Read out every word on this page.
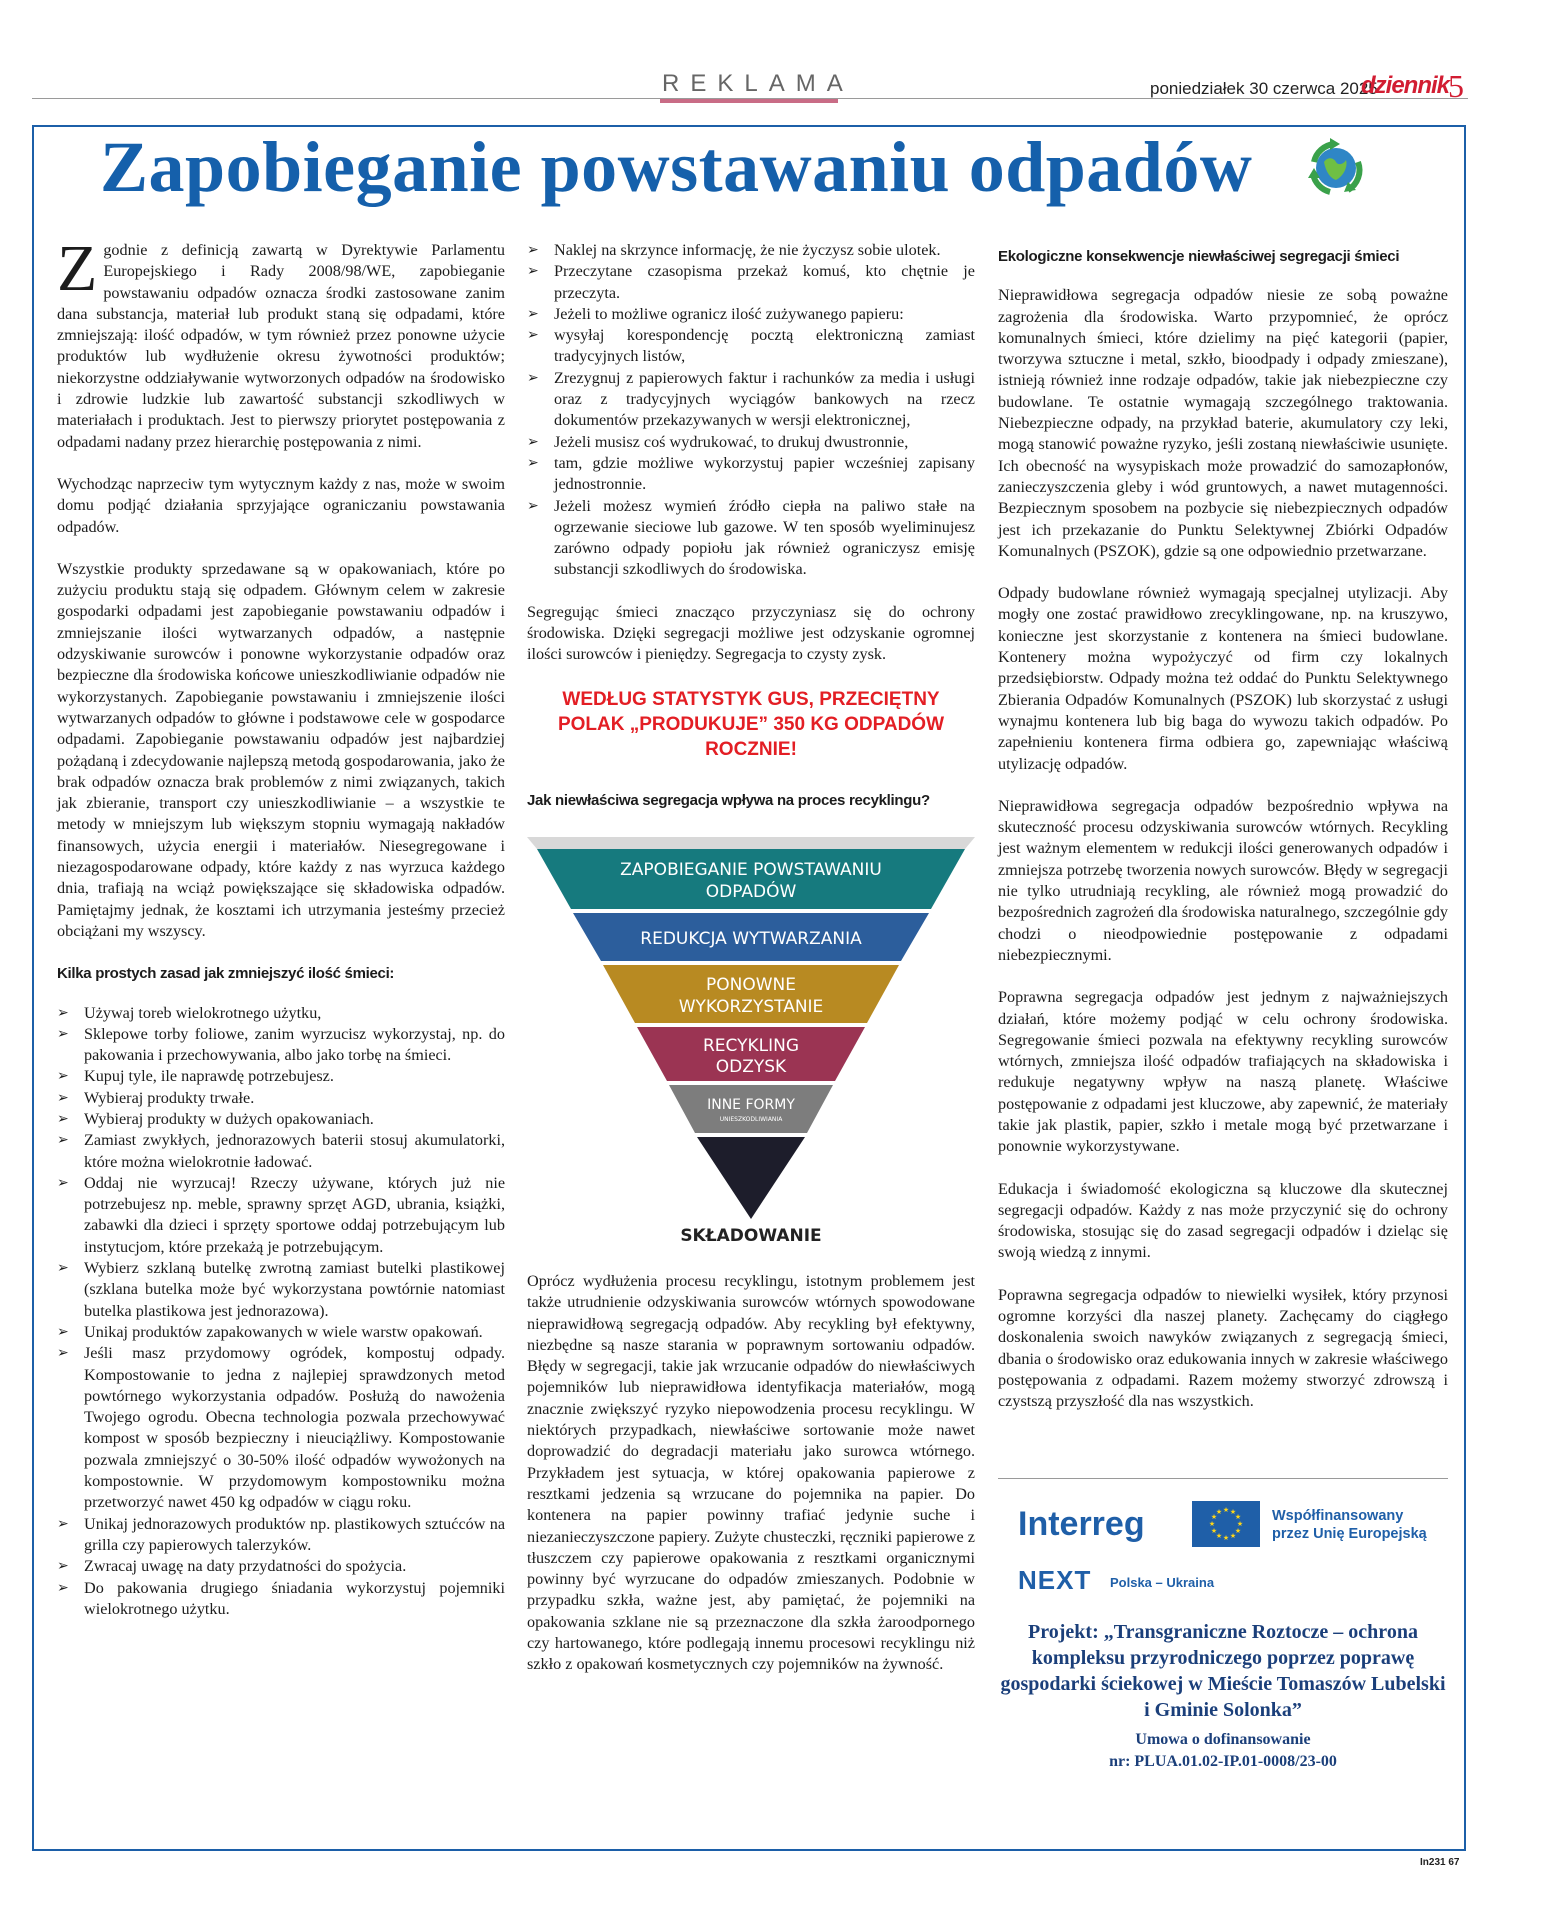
REKLAMA	poniedziałek 30 czerwca 2025
dziennik
5
Zapobieganie powstawaniu odpadów

Zgodnie z definicją zawartą w Dyrektywie Parlamentu Europejskiego i Rady 2008/98/WE, zapobieganie powstawaniu odpadów oznacza środki zastosowane zanim dana substancja, materiał lub produkt staną się odpadami, które zmniejszają: ilość odpadów, w tym również przez ponowne użycie produktów lub wydłużenie okresu żywotności produktów; niekorzystne oddziaływanie wytworzonych odpadów na środowisko i zdrowie ludzkie lub zawartość substancji szkodliwych w materiałach i produktach. Jest to pierwszy priorytet postępowania z odpadami nadany przez hierarchię postępowania z nimi.

Wychodząc naprzeciw tym wytycznym każdy z nas, może w swoim domu podjąć działania sprzyjające ograniczaniu powstawania odpadów.

Wszystkie produkty sprzedawane są w opakowaniach, które po zużyciu produktu stają się odpadem. Głównym celem w zakresie gospodarki odpadami jest zapobieganie powstawaniu odpadów i zmniejszanie ilości wytwarzanych odpadów, a następnie odzyskiwanie surowców i ponowne wykorzystanie odpadów oraz bezpieczne dla środowiska końcowe unieszkodliwianie odpadów nie wykorzystanych. Zapobieganie powstawaniu i zmniejszenie ilości wytwarzanych odpadów to główne i podstawowe cele w gospodarce odpadami. Zapobieganie powstawaniu odpadów jest najbardziej pożądaną i zdecydowanie najlepszą metodą gospodarowania, jako że brak odpadów oznacza brak problemów z nimi związanych, takich jak zbieranie, transport czy unieszkodliwianie – a wszystkie te metody w mniejszym lub większym stopniu wymagają nakładów finansowych, użycia energii i materiałów. Niesegregowane i niezagospodarowane odpady, które każdy z nas wyrzuca każdego dnia, trafiają na wciąż powiększające się składowiska odpadów. Pamiętajmy jednak, że kosztami ich utrzymania jesteśmy przecież obciążani my wszyscy.

Kilka prostych zasad jak zmniejszyć ilość śmieci:
➢ Używaj toreb wielokrotnego użytku,
➢ Sklepowe torby foliowe, zanim wyrzucisz wykorzystaj, np. do pakowania i przechowywania, albo jako torbę na śmieci.
➢ Kupuj tyle, ile naprawdę potrzebujesz.
➢ Wybieraj produkty trwałe.
➢ Wybieraj produkty w dużych opakowaniach.
➢ Zamiast zwykłych, jednorazowych baterii stosuj akumulatorki, które można wielokrotnie ładować.
➢ Oddaj nie wyrzucaj! Rzeczy używane, których już nie potrzebujesz np. meble, sprawny sprzęt AGD, ubrania, książki, zabawki dla dzieci i sprzęty sportowe oddaj potrzebującym lub instytucjom, które przekażą je potrzebującym.
➢ Wybierz szklaną butelkę zwrotną zamiast butelki plastikowej (szklana butelka może być wykorzystana powtórnie natomiast butelka plastikowa jest jednorazowa).
➢ Unikaj produktów zapakowanych w wiele warstw opakowań.
➢ Jeśli masz przydomowy ogródek, kompostuj odpady. Kompostowanie to jedna z najlepiej sprawdzonych metod powtórnego wykorzystania odpadów. Posłużą do nawożenia Twojego ogrodu. Obecna technologia pozwala przechowywać kompost w sposób bezpieczny i nieuciążliwy. Kompostowanie pozwala zmniejszyć o 30-50% ilość odpadów wywożonych na kompostownie. W przydomowym kompostowniku można przetworzyć nawet 450 kg odpadów w ciągu roku.
➢ Unikaj jednorazowych produktów np. plastikowych sztućców na grilla czy papierowych talerzyków.
➢ Zwracaj uwagę na daty przydatności do spożycia.
➢ Do pakowania drugiego śniadania wykorzystuj pojemniki wielokrotnego użytku.
➢ Naklej na skrzynce informację, że nie życzysz sobie ulotek.
➢ Przeczytane czasopisma przekaż komuś, kto chętnie je przeczyta.
➢ Jeżeli to możliwe ogranicz ilość zużywanego papieru:
➢ wysyłaj korespondencję pocztą elektroniczną zamiast tradycyjnych listów,
➢ Zrezygnuj z papierowych faktur i rachunków za media i usługi oraz z tradycyjnych wyciągów bankowych na rzecz dokumentów przekazywanych w wersji elektronicznej,
➢ Jeżeli musisz coś wydrukować, to drukuj dwustronnie,
➢ tam, gdzie możliwe wykorzystuj papier wcześniej zapisany jednostronnie.
➢ Jeżeli możesz wymień źródło ciepła na paliwo stałe na ogrzewanie sieciowe lub gazowe. W ten sposób wyeliminujesz zarówno odpady popiołu jak również ograniczysz emisję substancji szkodliwych do środowiska.

Segregując śmieci znacząco przyczyniasz się do ochrony środowiska. Dzięki segregacji możliwe jest odzyskanie ogromnej ilości surowców i pieniędzy. Segregacja to czysty zysk.

WEDŁUG STATYSTYK GUS, PRZECIĘTNY POLAK „PRODUKUJE” 350 KG ODPADÓW ROCZNIE!
Jak niewłaściwa segregacja wpływa na proces recyklingu?
ZAPOBIEGANIE POWSTAWANIU
ODPADÓW
REDUKCJA WYTWARZANIA
PONOWNE
WYKORZYSTANIE
RECYKLING
ODZYSK
INNE FORMY
UNIESZKODLIWIANIA
SKŁADOWANIE

Oprócz wydłużenia procesu recyklingu, istotnym problemem jest także utrudnienie odzyskiwania surowców wtórnych spowodowane nieprawidłową segregacją odpadów. Aby recykling był efektywny, niezbędne są nasze starania w poprawnym sortowaniu odpadów. Błędy w segregacji, takie jak wrzucanie odpadów do niewłaściwych pojemników lub nieprawidłowa identyfikacja materiałów, mogą znacznie zwiększyć ryzyko niepowodzenia procesu recyklingu. W niektórych przypadkach, niewłaściwe sortowanie może nawet doprowadzić do degradacji materiału jako surowca wtórnego. Przykładem jest sytuacja, w której opakowania papierowe z resztkami jedzenia są wrzucane do pojemnika na papier. Do kontenera na papier powinny trafiać jedynie suche i niezanieczyszczone papiery. Zużyte chusteczki, ręczniki papierowe z tłuszczem czy papierowe opakowania z resztkami organicznymi powinny być wyrzucane do odpadów zmieszanych. Podobnie w przypadku szkła, ważne jest, aby pamiętać, że pojemniki na opakowania szklane nie są przeznaczone dla szkła żaroodpornego czy hartowanego, które podlegają innemu procesowi recyklingu niż szkło z opakowań kosmetycznych czy pojemników na żywność.

Ekologiczne konsekwencje niewłaściwej segregacji śmieci

Nieprawidłowa segregacja odpadów niesie ze sobą poważne zagrożenia dla środowiska. Warto przypomnieć, że oprócz komunalnych śmieci, które dzielimy na pięć kategorii (papier, tworzywa sztuczne i metal, szkło, bioodpady i odpady zmieszane), istnieją również inne rodzaje odpadów, takie jak niebezpieczne czy budowlane. Te ostatnie wymagają szczególnego traktowania. Niebezpieczne odpady, na przykład baterie, akumulatory czy leki, mogą stanowić poważne ryzyko, jeśli zostaną niewłaściwie usunięte. Ich obecność na wysypiskach może prowadzić do samozapłonów, zanieczyszczenia gleby i wód gruntowych, a nawet mutagenności. Bezpiecznym sposobem na pozbycie się niebezpiecznych odpadów jest ich przekazanie do Punktu Selektywnej Zbiórki Odpadów Komunalnych (PSZOK), gdzie są one odpowiednio przetwarzane.

Odpady budowlane również wymagają specjalnej utylizacji. Aby mogły one zostać prawidłowo zrecyklingowane, np. na kruszywo, konieczne jest skorzystanie z kontenera na śmieci budowlane. Kontenery można wypożyczyć od firm czy lokalnych przedsiębiorstw. Odpady można też oddać do Punktu Selektywnego Zbierania Odpadów Komunalnych (PSZOK) lub skorzystać z usługi wynajmu kontenera lub big baga do wywozu takich odpadów. Po zapełnieniu kontenera firma odbiera go, zapewniając właściwą utylizację odpadów.

Nieprawidłowa segregacja odpadów bezpośrednio wpływa na skuteczność procesu odzyskiwania surowców wtórnych. Recykling jest ważnym elementem w redukcji ilości generowanych odpadów i zmniejsza potrzebę tworzenia nowych surowców. Błędy w segregacji nie tylko utrudniają recykling, ale również mogą prowadzić do bezpośrednich zagrożeń dla środowiska naturalnego, szczególnie gdy chodzi o nieodpowiednie postępowanie z odpadami niebezpiecznymi.

Poprawna segregacja odpadów jest jednym z najważniejszych działań, które możemy podjąć w celu ochrony środowiska. Segregowanie śmieci pozwala na efektywny recykling surowców wtórnych, zmniejsza ilość odpadów trafiających na składowiska i redukuje negatywny wpływ na naszą planetę. Właściwe postępowanie z odpadami jest kluczowe, aby zapewnić, że materiały takie jak plastik, papier, szkło i metale mogą być przetwarzane i ponownie wykorzystywane.

Edukacja i świadomość ekologiczna są kluczowe dla skutecznej segregacji odpadów. Każdy z nas może przyczynić się do ochrony środowiska, stosując się do zasad segregacji odpadów i dzieląc się swoją wiedzą z innymi.

Poprawna segregacja odpadów to niewielki wysiłek, który przynosi ogromne korzyści dla naszej planety. Zachęcamy do ciągłego doskonalenia swoich nawyków związanych z segregacją śmieci, dbania o środowisko oraz edukowania innych w zakresie właściwego postępowania z odpadami. Razem możemy stworzyć zdrowszą i czystszą przyszłość dla nas wszystkich.

Interreg	★ ★
★
★
★
★
★
★
★
★
★
★	Współfinansowany
przez Unię Europejską
NEXT Polska – Ukraina
Projekt: „Transgraniczne Roztocze – ochrona kompleksu przyrodniczego poprzez poprawę gospodarki ściekowej w Mieście Tomaszów Lubelski i Gminie Solonka”
Umowa o dofinansowanie
nr: PLUA.01.02-IP.01-0008/23-00
In231 67
